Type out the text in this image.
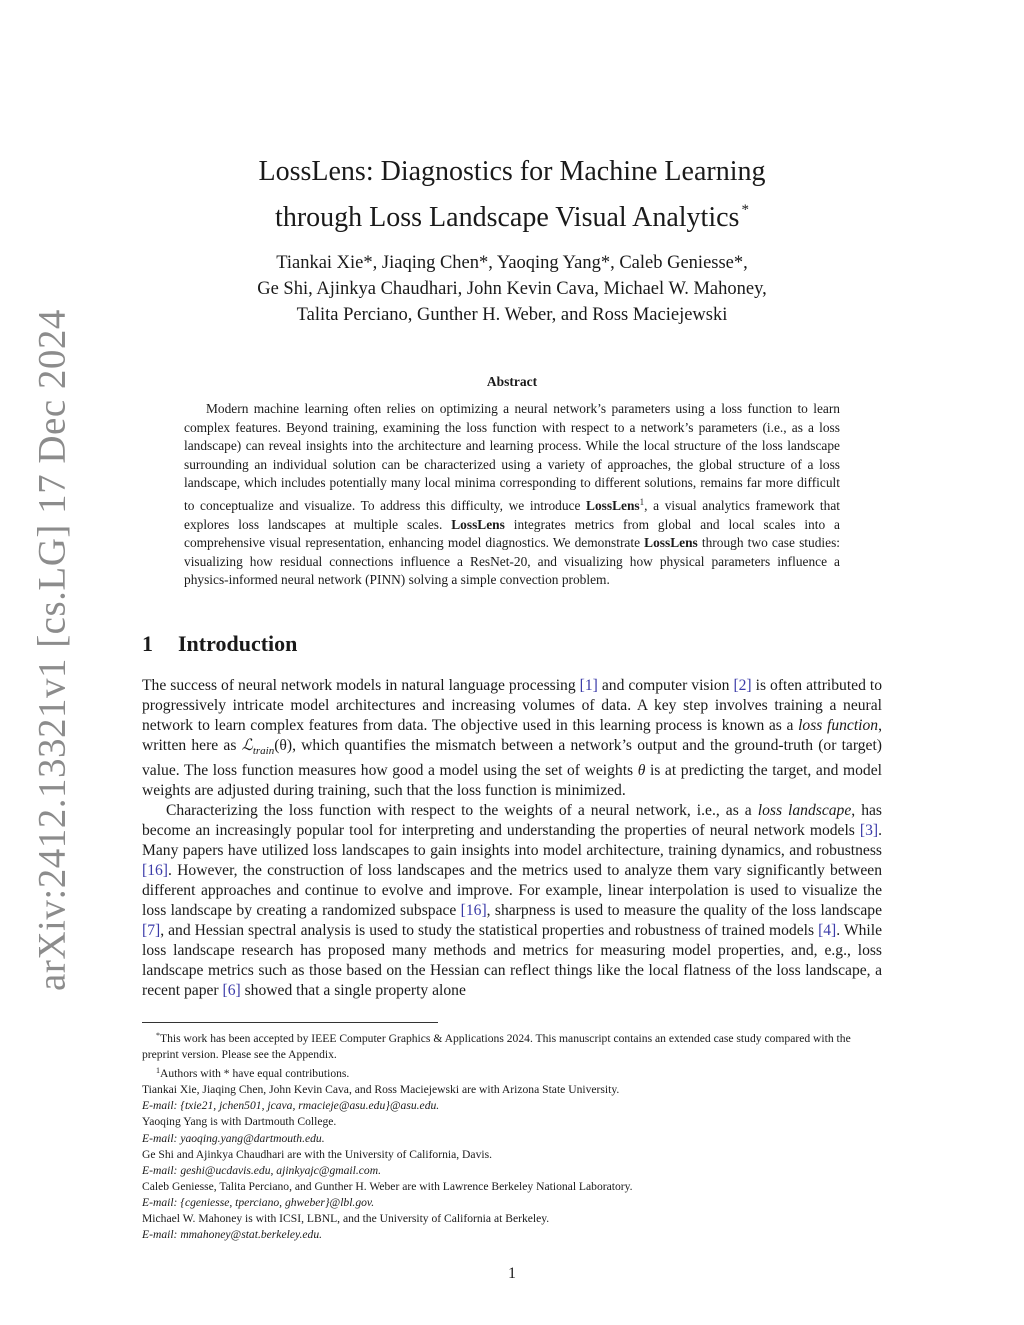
arXiv:2412.13321v1 [cs.LG] 17 Dec 2024
LossLens: Diagnostics for Machine Learning
through Loss Landscape Visual Analytics *
Tiankai Xie*, Jiaqing Chen*, Yaoqing Yang*, Caleb Geniesse*,
Ge Shi, Ajinkya Chaudhari, John Kevin Cava, Michael W. Mahoney,
Talita Perciano, Gunther H. Weber, and Ross Maciejewski
Abstract
Modern machine learning often relies on optimizing a neural network’s parameters using a loss function to learn complex features. Beyond training, examining the loss function with respect to a network’s parameters (i.e., as a loss landscape) can reveal insights into the architecture and learning process. While the local structure of the loss landscape surrounding an individual solution can be characterized using a variety of approaches, the global structure of a loss landscape, which includes potentially many local minima corresponding to different solutions, remains far more difficult to conceptualize and visualize. To address this difficulty, we introduce LossLens$^1$, a visual analytics framework that explores loss landscapes at multiple scales. LossLens integrates metrics from global and local scales into a comprehensive visual representation, enhancing model diagnostics. We demonstrate LossLens through two case studies: visualizing how residual connections influence a ResNet-20, and visualizing how physical parameters influence a physics-informed neural network (PINN) solving a simple convection problem.
1 Introduction

The success of neural network models in natural language processing [1] and computer vision [2] is often attributed to progressively intricate model architectures and increasing volumes of data. A key step involves training a neural network to learn complex features from data. The objective used in this learning process is known as a loss function, written here as ℒ$_{train}$(θ), which quantifies the mismatch between a network’s output and the ground-truth (or target) value. The loss function measures how good a model using the set of weights θ is at predicting the target, and model weights are adjusted during training, such that the loss function is minimized.

Characterizing the loss function with respect to the weights of a neural network, i.e., as a loss landscape, has become an increasingly popular tool for interpreting and understanding the properties of neural network models [3]. Many papers have utilized loss landscapes to gain insights into model architecture, training dynamics, and robustness [16]. However, the construction of loss landscapes and the metrics used to analyze them vary significantly between different approaches and continue to evolve and improve. For example, linear interpolation is used to visualize the loss landscape by creating a randomized subspace [16], sharpness is used to measure the quality of the loss landscape [7], and Hessian spectral analysis is used to study the statistical properties and robustness of trained models [4]. While loss landscape research has proposed many methods and metrics for measuring model properties, and, e.g., loss landscape metrics such as those based on the Hessian can reflect things like the local flatness of the loss landscape, a recent paper [6] showed that a single property alone

*This work has been accepted by IEEE Computer Graphics & Applications 2024. This manuscript contains an extended case study compared with the preprint version. Please see the Appendix.
$^1$Authors with * have equal contributions.
Tiankai Xie, Jiaqing Chen, John Kevin Cava, and Ross Maciejewski are with Arizona State University.
E-mail: {txie21, jchen501, jcava, rmacieje@asu.edu}@asu.edu.
Yaoqing Yang is with Dartmouth College.
E-mail: yaoqing.yang@dartmouth.edu.
Ge Shi and Ajinkya Chaudhari are with the University of California, Davis.
E-mail: geshi@ucdavis.edu, ajinkyajc@gmail.com.
Caleb Geniesse, Talita Perciano, and Gunther H. Weber are with Lawrence Berkeley National Laboratory.
E-mail: {cgeniesse, tperciano, ghweber}@lbl.gov.
Michael W. Mahoney is with ICSI, LBNL, and the University of California at Berkeley.
E-mail: mmahoney@stat.berkeley.edu.
1
